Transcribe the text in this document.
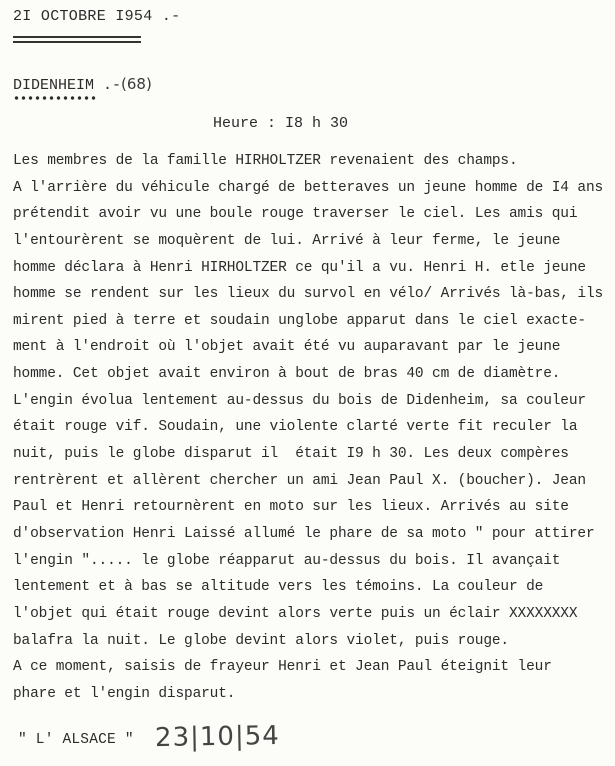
2I OCTOBRE I954 .-
DIDENHEIM .-(68)
Heure : I8 h 30
Les membres de la famille HIRHOLTZER revenaient des champs.
A l'arrière du véhicule chargé de betteraves un jeune homme de I4 ans
prétendit avoir vu une boule rouge traverser le ciel. Les amis qui
l'entourèrent se moquèrent de lui. Arrivé à leur ferme, le jeune
homme déclara à Henri HIRHOLTZER ce qu'il a vu. Henri H. etle jeune
homme se rendent sur les lieux du survol en vélo/ Arrivés là-bas, ils
mirent pied à terre et soudain unglobe apparut dans le ciel exacte-
ment à l'endroit où l'objet avait été vu auparavant par le jeune
homme. Cet objet avait environ à bout de bras 40 cm de diamètre.
L'engin évolua lentement au-dessus du bois de Didenheim, sa couleur
était rouge vif. Soudain, une violente clarté verte fit reculer la
nuit, puis le globe disparut il  était I9 h 30. Les deux compères
rentrèrent et allèrent chercher un ami Jean Paul X. (boucher). Jean
Paul et Henri retournèrent en moto sur les lieux. Arrivés au site
d'observation Henri Laissé allumé le phare de sa moto " pour attirer
l'engin "..... le globe réapparut au-dessus du bois. Il avançait
lentement et à bas se altitude vers les témoins. La couleur de
l'objet qui était rouge devint alors verte puis un éclair XXXXXXXX
balafra la nuit. Le globe devint alors violet, puis rouge.
A ce moment, saisis de frayeur Henri et Jean Paul éteignit leur
phare et l'engin disparut.
" L' ALSACE " 23|10|54
